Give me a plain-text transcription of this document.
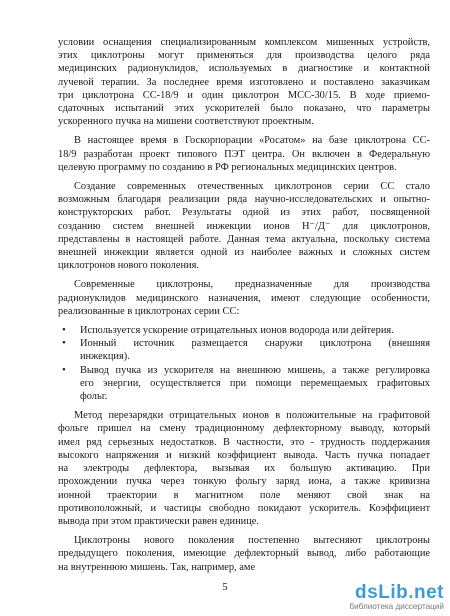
условии оснащения специализированным комплексом мишенных устройств,
этих циклотроны могут применяться для производства целого ряда
медицинских радионуклидов, используемых в диагностике и контактной
лучевой терапии. За последнее время изготовлено и поставлено заказчикам
три циклотрона СС-18/9 и один циклотрон МСС-30/15. В ходе приемо-
сдаточных испытаний этих ускорителей было показано, что параметры
ускоренного пучка на мишени соответствуют проектным.
В настоящее время в Госкорпорации «Росатом» на базе циклотрона СС-
18/9 разработан проект типового ПЭТ центра. Он включен в Федеральную
целевую программу по созданию в РФ региональных медицинских центров.
Создание современных отечественных циклотронов серии СС стало
возможным благодаря реализации ряда научно-исследовательских и опытно-
конструкторских работ. Результаты одной из этих работ, посвященной
созданию систем внешней инжекции ионов Н⁻/Д⁻ для циклотронов,
представлены в настоящей работе. Данная тема актуальна, поскольку система
внешней инжекции является одной из наиболее важных и сложных систем
циклотронов нового поколения.
Современные циклотроны, предназначенные для производства
радионуклидов медицинского назначения, имеют следующие особенности,
реализованные в циклотронах серии СС:
• Используется ускорение отрицательных ионов водорода или дейтерия.
• Ионный источник размещается снаружи циклотрона (внешняя
инжекция).
• Вывод пучка из ускорителя на внешнюю мишень, а также регулировка
его энергии, осуществляется при помощи перемещаемых графитовых
фольг.
Метод перезарядки отрицательных ионов в положительные на графитовой
фольге пришел на смену традиционному дефлекторному выводу, который
имел ряд серьезных недостатков. В частности, это - трудность поддержания
высокого напряжения и низкий коэффициент вывода. Часть пучка попадает
на электроды дефлектора, вызывая их большую активацию. При
прохождении пучка через тонкую фольгу заряд иона, а также кривизна
ионной траектории в магнитном поле меняют свой знак на
противоположный, и частицы свободно покидают ускоритель. Коэффициент
вывода при этом практически равен единице.
Циклотроны нового поколения постепенно вытесняют циклотроны
предыдущего поколения, имеющие дефлекторный вывод, либо работающие
на внутреннюю мишень. Так, например, аме
5	dsLib.net
библиотека диссертаций
